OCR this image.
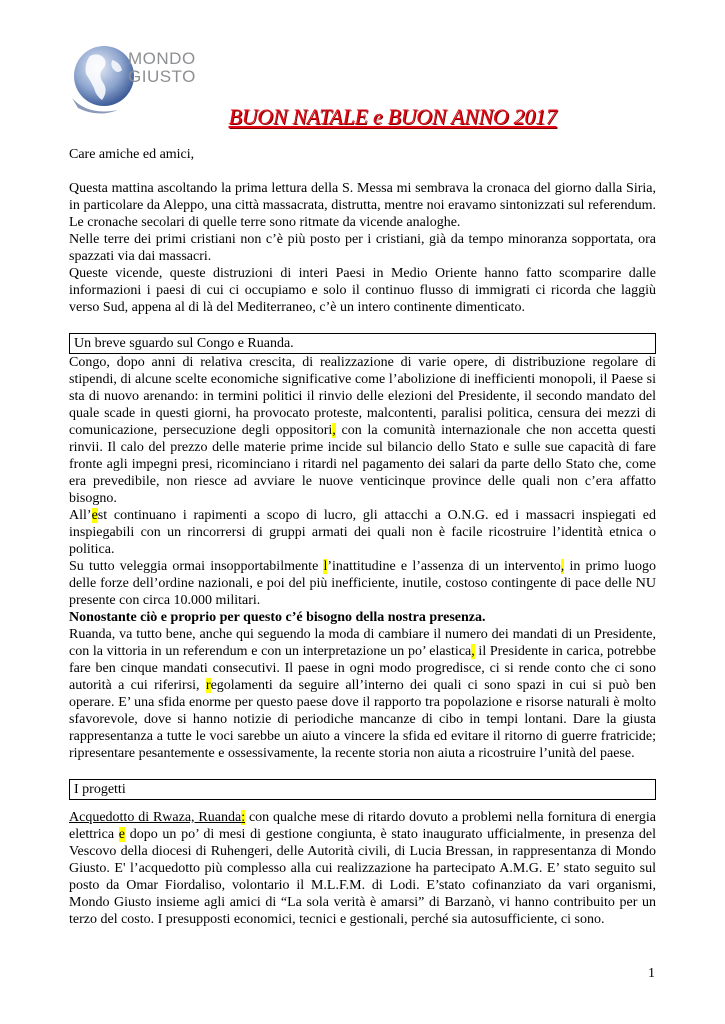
MONDO
GIUSTO
BUON NATALE e BUON ANNO 2017

Care amiche ed amici,

Questa mattina ascoltando la prima lettura della S. Messa mi sembrava la cronaca del giorno dalla Siria, in particolare da Aleppo, una città massacrata, distrutta, mentre noi eravamo sintonizzati sul referendum. Le cronache secolari di quelle terre sono ritmate da vicende analoghe.

Nelle terre dei primi cristiani non c’è più posto per i cristiani, già da tempo minoranza sopportata, ora spazzati via dai massacri.

Queste vicende, queste distruzioni di interi Paesi in Medio Oriente hanno fatto scomparire dalle informazioni i paesi di cui ci occupiamo e solo il continuo flusso di immigrati ci ricorda che laggiù verso Sud, appena al di là del Mediterraneo, c’è un intero continente dimenticato.

Un breve sguardo sul Congo e Ruanda.

Congo, dopo anni di relativa crescita, di realizzazione di varie opere, di distribuzione regolare di stipendi, di alcune scelte economiche significative come l’abolizione di inefficienti monopoli, il Paese si sta di nuovo arenando: in termini politici il rinvio delle elezioni del Presidente, il secondo mandato del quale scade in questi giorni, ha provocato proteste, malcontenti, paralisi politica, censura dei mezzi di comunicazione, persecuzione degli oppositori, con la comunità internazionale che non accetta questi rinvii. Il calo del prezzo delle materie prime incide sul bilancio dello Stato e sulle sue capacità di fare fronte agli impegni presi, ricominciano i ritardi nel pagamento dei salari da parte dello Stato che, come era prevedibile, non riesce ad avviare le nuove venticinque province delle quali non c’era affatto bisogno.

All’est continuano i rapimenti a scopo di lucro, gli attacchi a O.N.G. ed i massacri inspiegati ed inspiegabili con un rincorrersi di gruppi armati dei quali non è facile ricostruire l’identità etnica o politica.

Su tutto veleggia ormai insopportabilmente l’inattitudine e l’assenza di un intervento, in primo luogo delle forze dell’ordine nazionali, e poi del più inefficiente, inutile, costoso contingente di pace delle NU presente con circa 10.000 militari.

Nonostante ciò e proprio per questo c’é bisogno della nostra presenza.

Ruanda, va tutto bene, anche qui seguendo la moda di cambiare il numero dei mandati di un Presidente, con la vittoria in un referendum e con un interpretazione un po’ elastica, il Presidente in carica, potrebbe fare ben cinque mandati consecutivi. Il paese in ogni modo progredisce, ci si rende conto che ci sono autorità a cui riferirsi, regolamenti da seguire all’interno dei quali ci sono spazi in cui si può ben operare. E’ una sfida enorme per questo paese dove il rapporto tra popolazione e risorse naturali è molto sfavorevole, dove si hanno notizie di periodiche mancanze di cibo in tempi lontani. Dare la giusta rappresentanza a tutte le voci sarebbe un aiuto a vincere la sfida ed evitare il ritorno di guerre fratricide; ripresentare pesantemente e ossessivamente, la recente storia non aiuta a ricostruire l’unità del paese.

I progetti

Acquedotto di Rwaza, Ruanda: con qualche mese di ritardo dovuto a problemi nella fornitura di energia elettrica e dopo un po’ di mesi di gestione congiunta, è stato inaugurato ufficialmente, in presenza del Vescovo della diocesi di Ruhengeri, delle Autorità civili, di Lucia Bressan, in rappresentanza di Mondo Giusto. E' l’acquedotto più complesso alla cui realizzazione ha partecipato A.M.G. E’ stato seguito sul posto da Omar Fiordaliso, volontario il M.L.F.M. di Lodi. E’stato cofinanziato da vari organismi, Mondo Giusto insieme agli amici di “La sola verità è amarsi” di Barzanò, vi hanno contribuito per un terzo del costo. I presupposti economici, tecnici e gestionali, perché sia autosufficiente, ci sono.

1
